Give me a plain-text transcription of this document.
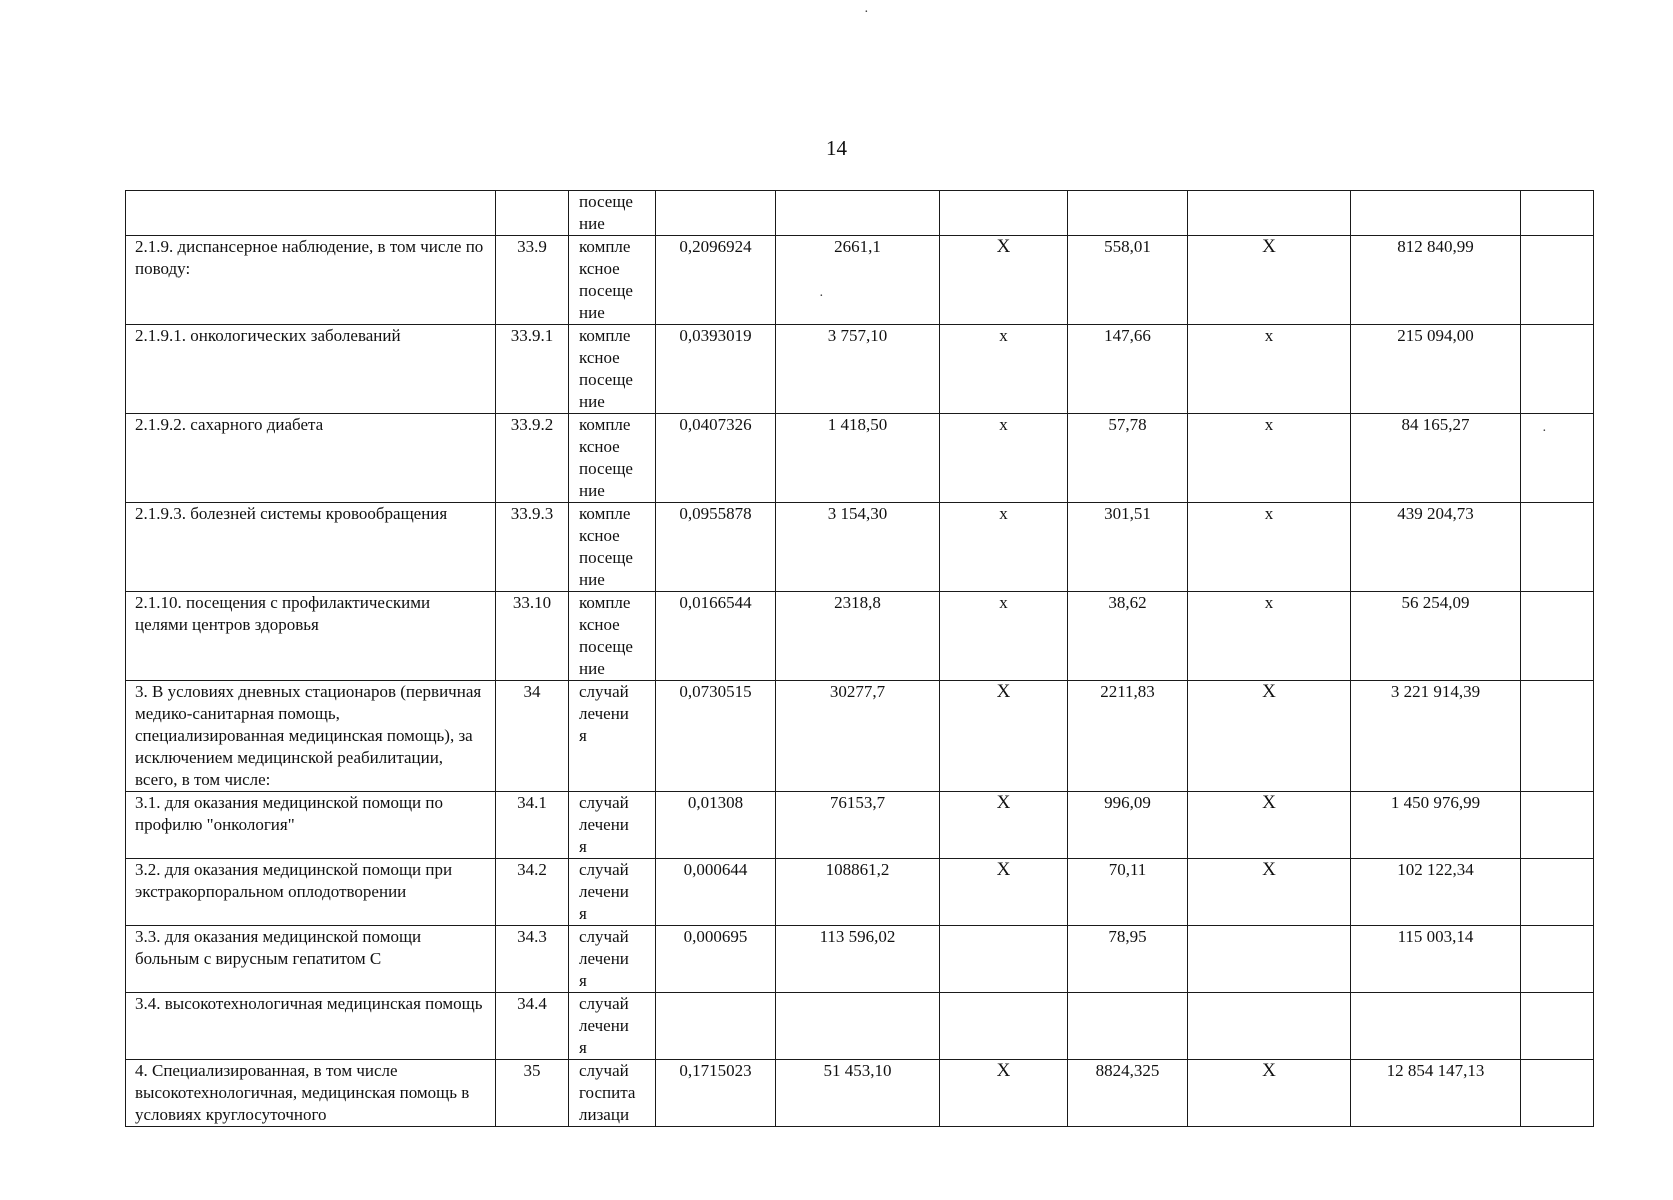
14
·
·
·
		посеще
ние							
2.1.9. диспансерное наблюдение, в том числе по поводу:	33.9	компле
ксное
посеще
ние	0,2096924	2661,1	Х	558,01	Х	812 840,99	
2.1.9.1. онкологических заболеваний	33.9.1	компле
ксное
посеще
ние	0,0393019	3 757,10	х	147,66	х	215 094,00	
2.1.9.2. сахарного диабета	33.9.2	компле
ксное
посеще
ние	0,0407326	1 418,50	х	57,78	х	84 165,27	
2.1.9.3. болезней системы кровообращения	33.9.3	компле
ксное
посеще
ние	0,0955878	3 154,30	х	301,51	х	439 204,73	
2.1.10. посещения с профилактическими целями центров здоровья	33.10	компле
ксное
посеще
ние	0,0166544	2318,8	х	38,62	х	56 254,09	
3. В условиях дневных стационаров (первичная медико-санитарная помощь, специализированная медицинская помощь), за исключением медицинской реабилитации, всего, в том числе:	34	случай
лечени
я	0,0730515	30277,7	Х	2211,83	Х	3 221 914,39	
3.1. для оказания медицинской помощи по профилю "онкология"	34.1	случай
лечени
я	0,01308	76153,7	Х	996,09	Х	1 450 976,99	
3.2. для оказания медицинской помощи при экстракорпоральном оплодотворении	34.2	случай
лечени
я	0,000644	108861,2	Х	70,11	Х	102 122,34	
3.3. для оказания медицинской помощи больным с вирусным гепатитом С	34.3	случай
лечени
я	0,000695	113 596,02		78,95		115 003,14	
3.4. высокотехнологичная медицинская помощь	34.4	случай
лечени
я							
4. Специализированная, в том числе высокотехнологичная, медицинская помощь в условиях круглосуточного	35	случай
госпита
лизаци	0,1715023	51 453,10	Х	8824,325	Х	12 854 147,13	
